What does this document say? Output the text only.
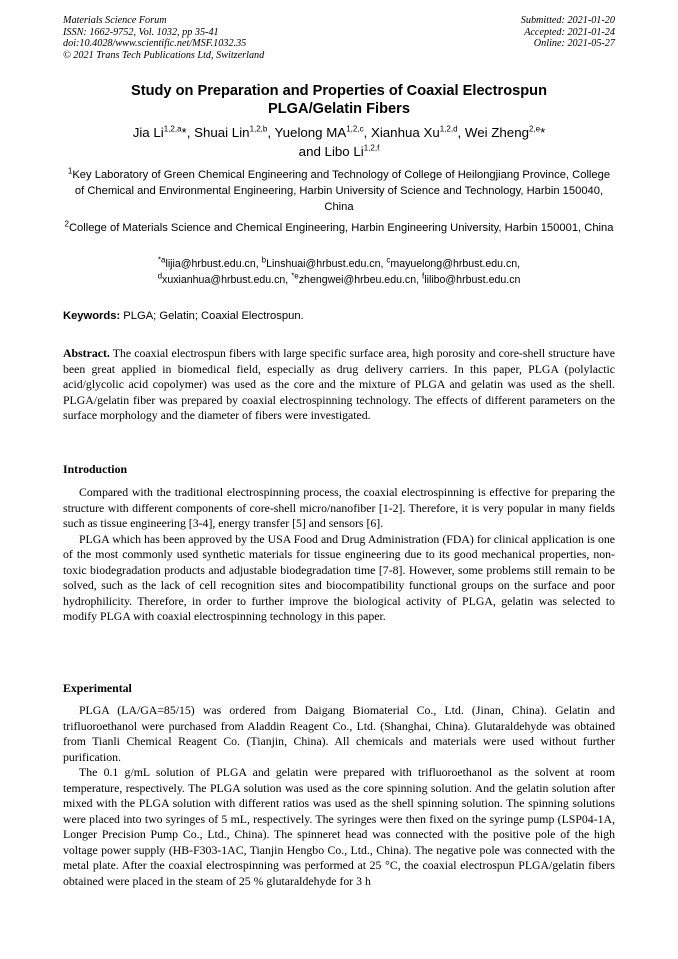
Materials Science Forum
ISSN: 1662-9752, Vol. 1032, pp 35-41
doi:10.4028/www.scientific.net/MSF.1032.35
© 2021 Trans Tech Publications Ltd, Switzerland
Submitted: 2021-01-20
Accepted: 2021-01-24
Online: 2021-05-27
Study on Preparation and Properties of Coaxial Electrospun
PLGA/Gelatin Fibers
Jia Li$^{1,2,a}$*, Shuai Lin$^{1,2,b}$, Yuelong MA$^{1,2,c}$, Xianhua Xu$^{1,2,d}$, Wei Zheng$^{2,e}$*
and Libo Li$^{1,2,f}$
$^1$Key Laboratory of Green Chemical Engineering and Technology of College of Heilongjiang Province, College of Chemical and Environmental Engineering, Harbin University of Science and Technology, Harbin 150040, China
$^2$College of Materials Science and Chemical Engineering, Harbin Engineering University, Harbin 150001, China
$^{*a}$lijia@hrbust.edu.cn, $^b$Linshuai@hrbust.edu.cn, $^c$mayuelong@hrbust.edu.cn,
$^d$xuxianhua@hrbust.edu.cn, $^{*e}$zhengwei@hrbeu.edu.cn, $^f$lilibo@hrbust.edu.cn
Keywords: PLGA; Gelatin; Coaxial Electrospun.
Abstract. The coaxial electrospun fibers with large specific surface area, high porosity and core-shell structure have been great applied in biomedical field, especially as drug delivery carriers. In this paper, PLGA (polylactic acid/glycolic acid copolymer) was used as the core and the mixture of PLGA and gelatin was used as the shell. PLGA/gelatin fiber was prepared by coaxial electrospinning technology. The effects of different parameters on the surface morphology and the diameter of fibers were investigated.
Introduction

Compared with the traditional electrospinning process, the coaxial electrospinning is effective for preparing the structure with different components of core-shell micro/nanofiber [1-2]. Therefore, it is very popular in many fields such as tissue engineering [3-4], energy transfer [5] and sensors [6].

PLGA which has been approved by the USA Food and Drug Administration (FDA) for clinical application is one of the most commonly used synthetic materials for tissue engineering due to its good mechanical properties, non-toxic biodegradation products and adjustable biodegradation time [7-8]. However, some problems still remain to be solved, such as the lack of cell recognition sites and biocompatibility functional groups on the surface and poor hydrophilicity. Therefore, in order to further improve the biological activity of PLGA, gelatin was selected to modify PLGA with coaxial electrospinning technology in this paper.

Experimental

PLGA (LA/GA=85/15) was ordered from Daigang Biomaterial Co., Ltd. (Jinan, China). Gelatin and trifluoroethanol were purchased from Aladdin Reagent Co., Ltd. (Shanghai, China). Glutaraldehyde was obtained from Tianli Chemical Reagent Co. (Tianjin, China). All chemicals and materials were used without further purification.

The 0.1 g/mL solution of PLGA and gelatin were prepared with trifluoroethanol as the solvent at room temperature, respectively. The PLGA solution was used as the core spinning solution. And the gelatin solution after mixed with the PLGA solution with different ratios was used as the shell spinning solution. The spinning solutions were placed into two syringes of 5 mL, respectively. The syringes were then fixed on the syringe pump (LSP04-1A, Longer Precision Pump Co., Ltd., China). The spinneret head was connected with the positive pole of the high voltage power supply (HB-F303-1AC, Tianjin Hengbo Co., Ltd., China). The negative pole was connected with the metal plate. After the coaxial electrospinning was performed at 25 °C, the coaxial electrospun PLGA/gelatin fibers obtained were placed in the steam of 25 % glutaraldehyde for 3 h
